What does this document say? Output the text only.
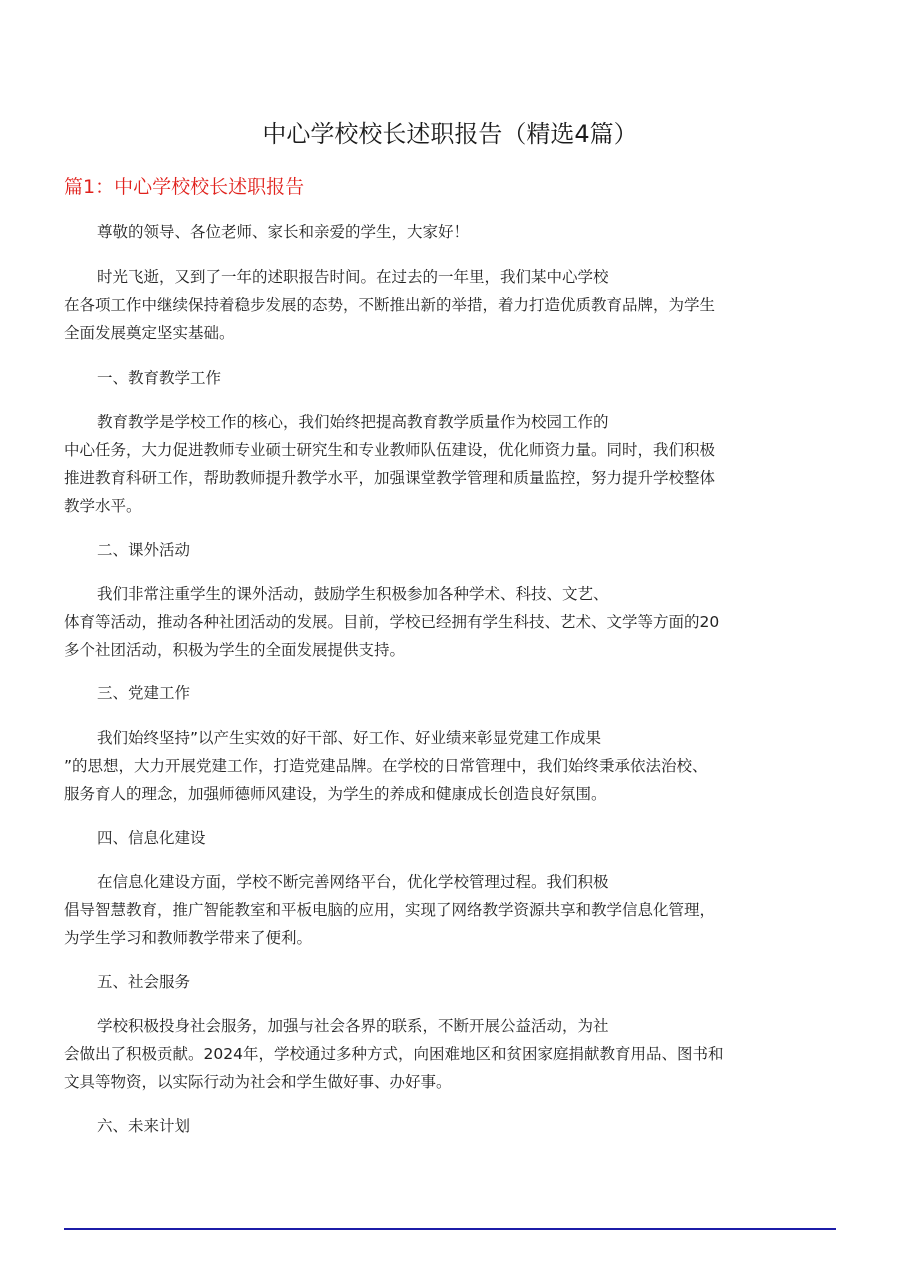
中心学校校长述职报告（精选4篇）
篇1：中心学校校长述职报告
尊敬的领导、各位老师、家长和亲爱的学生，大家好！
时光飞逝，又到了一年的述职报告时间。在过去的一年里，我们某中心学校
在各项工作中继续保持着稳步发展的态势，不断推出新的举措，着力打造优质教育品牌，为学生
全面发展奠定坚实基础。
一、教育教学工作
教育教学是学校工作的核心，我们始终把提高教育教学质量作为校园工作的
中心任务，大力促进教师专业硕士研究生和专业教师队伍建设，优化师资力量。同时，我们积极
推进教育科研工作，帮助教师提升教学水平，加强课堂教学管理和质量监控，努力提升学校整体
教学水平。
二、课外活动
我们非常注重学生的课外活动，鼓励学生积极参加各种学术、科技、文艺、
体育等活动，推动各种社团活动的发展。目前，学校已经拥有学生科技、艺术、文学等方面的20
多个社团活动，积极为学生的全面发展提供支持。
三、党建工作
我们始终坚持”以产生实效的好干部、好工作、好业绩来彰显党建工作成果
”的思想，大力开展党建工作，打造党建品牌。在学校的日常管理中，我们始终秉承依法治校、
服务育人的理念，加强师德师风建设，为学生的养成和健康成长创造良好氛围。
四、信息化建设
在信息化建设方面，学校不断完善网络平台，优化学校管理过程。我们积极
倡导智慧教育，推广智能教室和平板电脑的应用，实现了网络教学资源共享和教学信息化管理，
为学生学习和教师教学带来了便利。
五、社会服务
学校积极投身社会服务，加强与社会各界的联系，不断开展公益活动，为社
会做出了积极贡献。2024年，学校通过多种方式，向困难地区和贫困家庭捐献教育用品、图书和
文具等物资，以实际行动为社会和学生做好事、办好事。
六、未来计划
